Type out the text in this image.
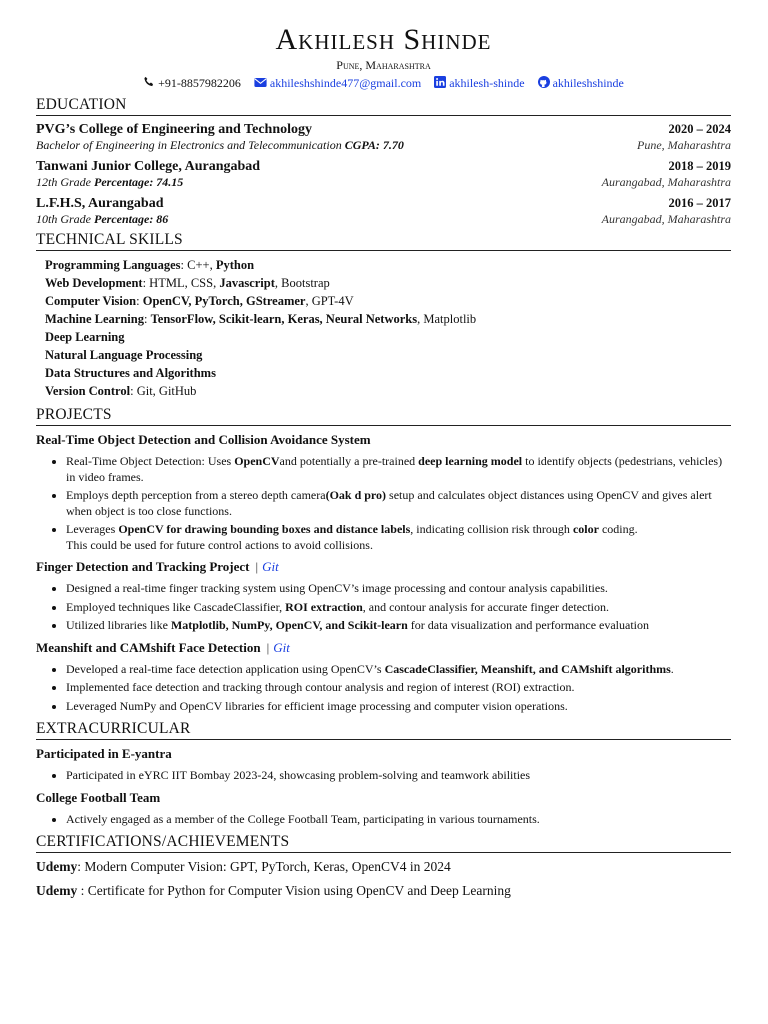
Akhilesh Shinde
Pune, Maharashtra
+91-8857982206 akhileshshinde477@gmail.com akhilesh-shinde akhileshshinde
EDUCATION
PVG’s College of Engineering and Technology	2020 – 2024
Bachelor of Engineering in Electronics and Telecommunication CGPA: 7.70	Pune, Maharashtra
Tanwani Junior College, Aurangabad	2018 – 2019
12th Grade Percentage: 74.15	Aurangabad, Maharashtra
L.F.H.S, Aurangabad	2016 – 2017
10th Grade Percentage: 86	Aurangabad, Maharashtra
TECHNICAL SKILLS
Programming Languages: C++, Python
Web Development: HTML, CSS, Javascript, Bootstrap
Computer Vision: OpenCV, PyTorch, GStreamer, GPT-4V
Machine Learning: TensorFlow, Scikit-learn, Keras, Neural Networks, Matplotlib
Deep Learning
Natural Language Processing
Data Structures and Algorithms
Version Control: Git, GitHub
PROJECTS
Real-Time Object Detection and Collision Avoidance System
• Real-Time Object Detection: Uses OpenCVand potentially a pre-trained deep learning model to identify objects (pedestrians, vehicles) in video frames.
• Employs depth perception from a stereo depth camera(Oak d pro) setup and calculates object distances using OpenCV and gives alert when object is too close functions.
• Leverages OpenCV for drawing bounding boxes and distance labels, indicating collision risk through color coding.
This could be used for future control actions to avoid collisions.
Finger Detection and Tracking Project | Git
• Designed a real-time finger tracking system using OpenCV’s image processing and contour analysis capabilities.
• Employed techniques like CascadeClassifier, ROI extraction, and contour analysis for accurate finger detection.
• Utilized libraries like Matplotlib, NumPy, OpenCV, and Scikit-learn for data visualization and performance evaluation
Meanshift and CAMshift Face Detection | Git
• Developed a real-time face detection application using OpenCV’s CascadeClassifier, Meanshift, and CAMshift algorithms.
• Implemented face detection and tracking through contour analysis and region of interest (ROI) extraction.
• Leveraged NumPy and OpenCV libraries for efficient image processing and computer vision operations.
EXTRACURRICULAR
Participated in E-yantra
• Participated in eYRC IIT Bombay 2023-24, showcasing problem-solving and teamwork abilities
College Football Team
• Actively engaged as a member of the College Football Team, participating in various tournaments.
CERTIFICATIONS/ACHIEVEMENTS
Udemy: Modern Computer Vision: GPT, PyTorch, Keras, OpenCV4 in 2024
Udemy : Certificate for Python for Computer Vision using OpenCV and Deep Learning
